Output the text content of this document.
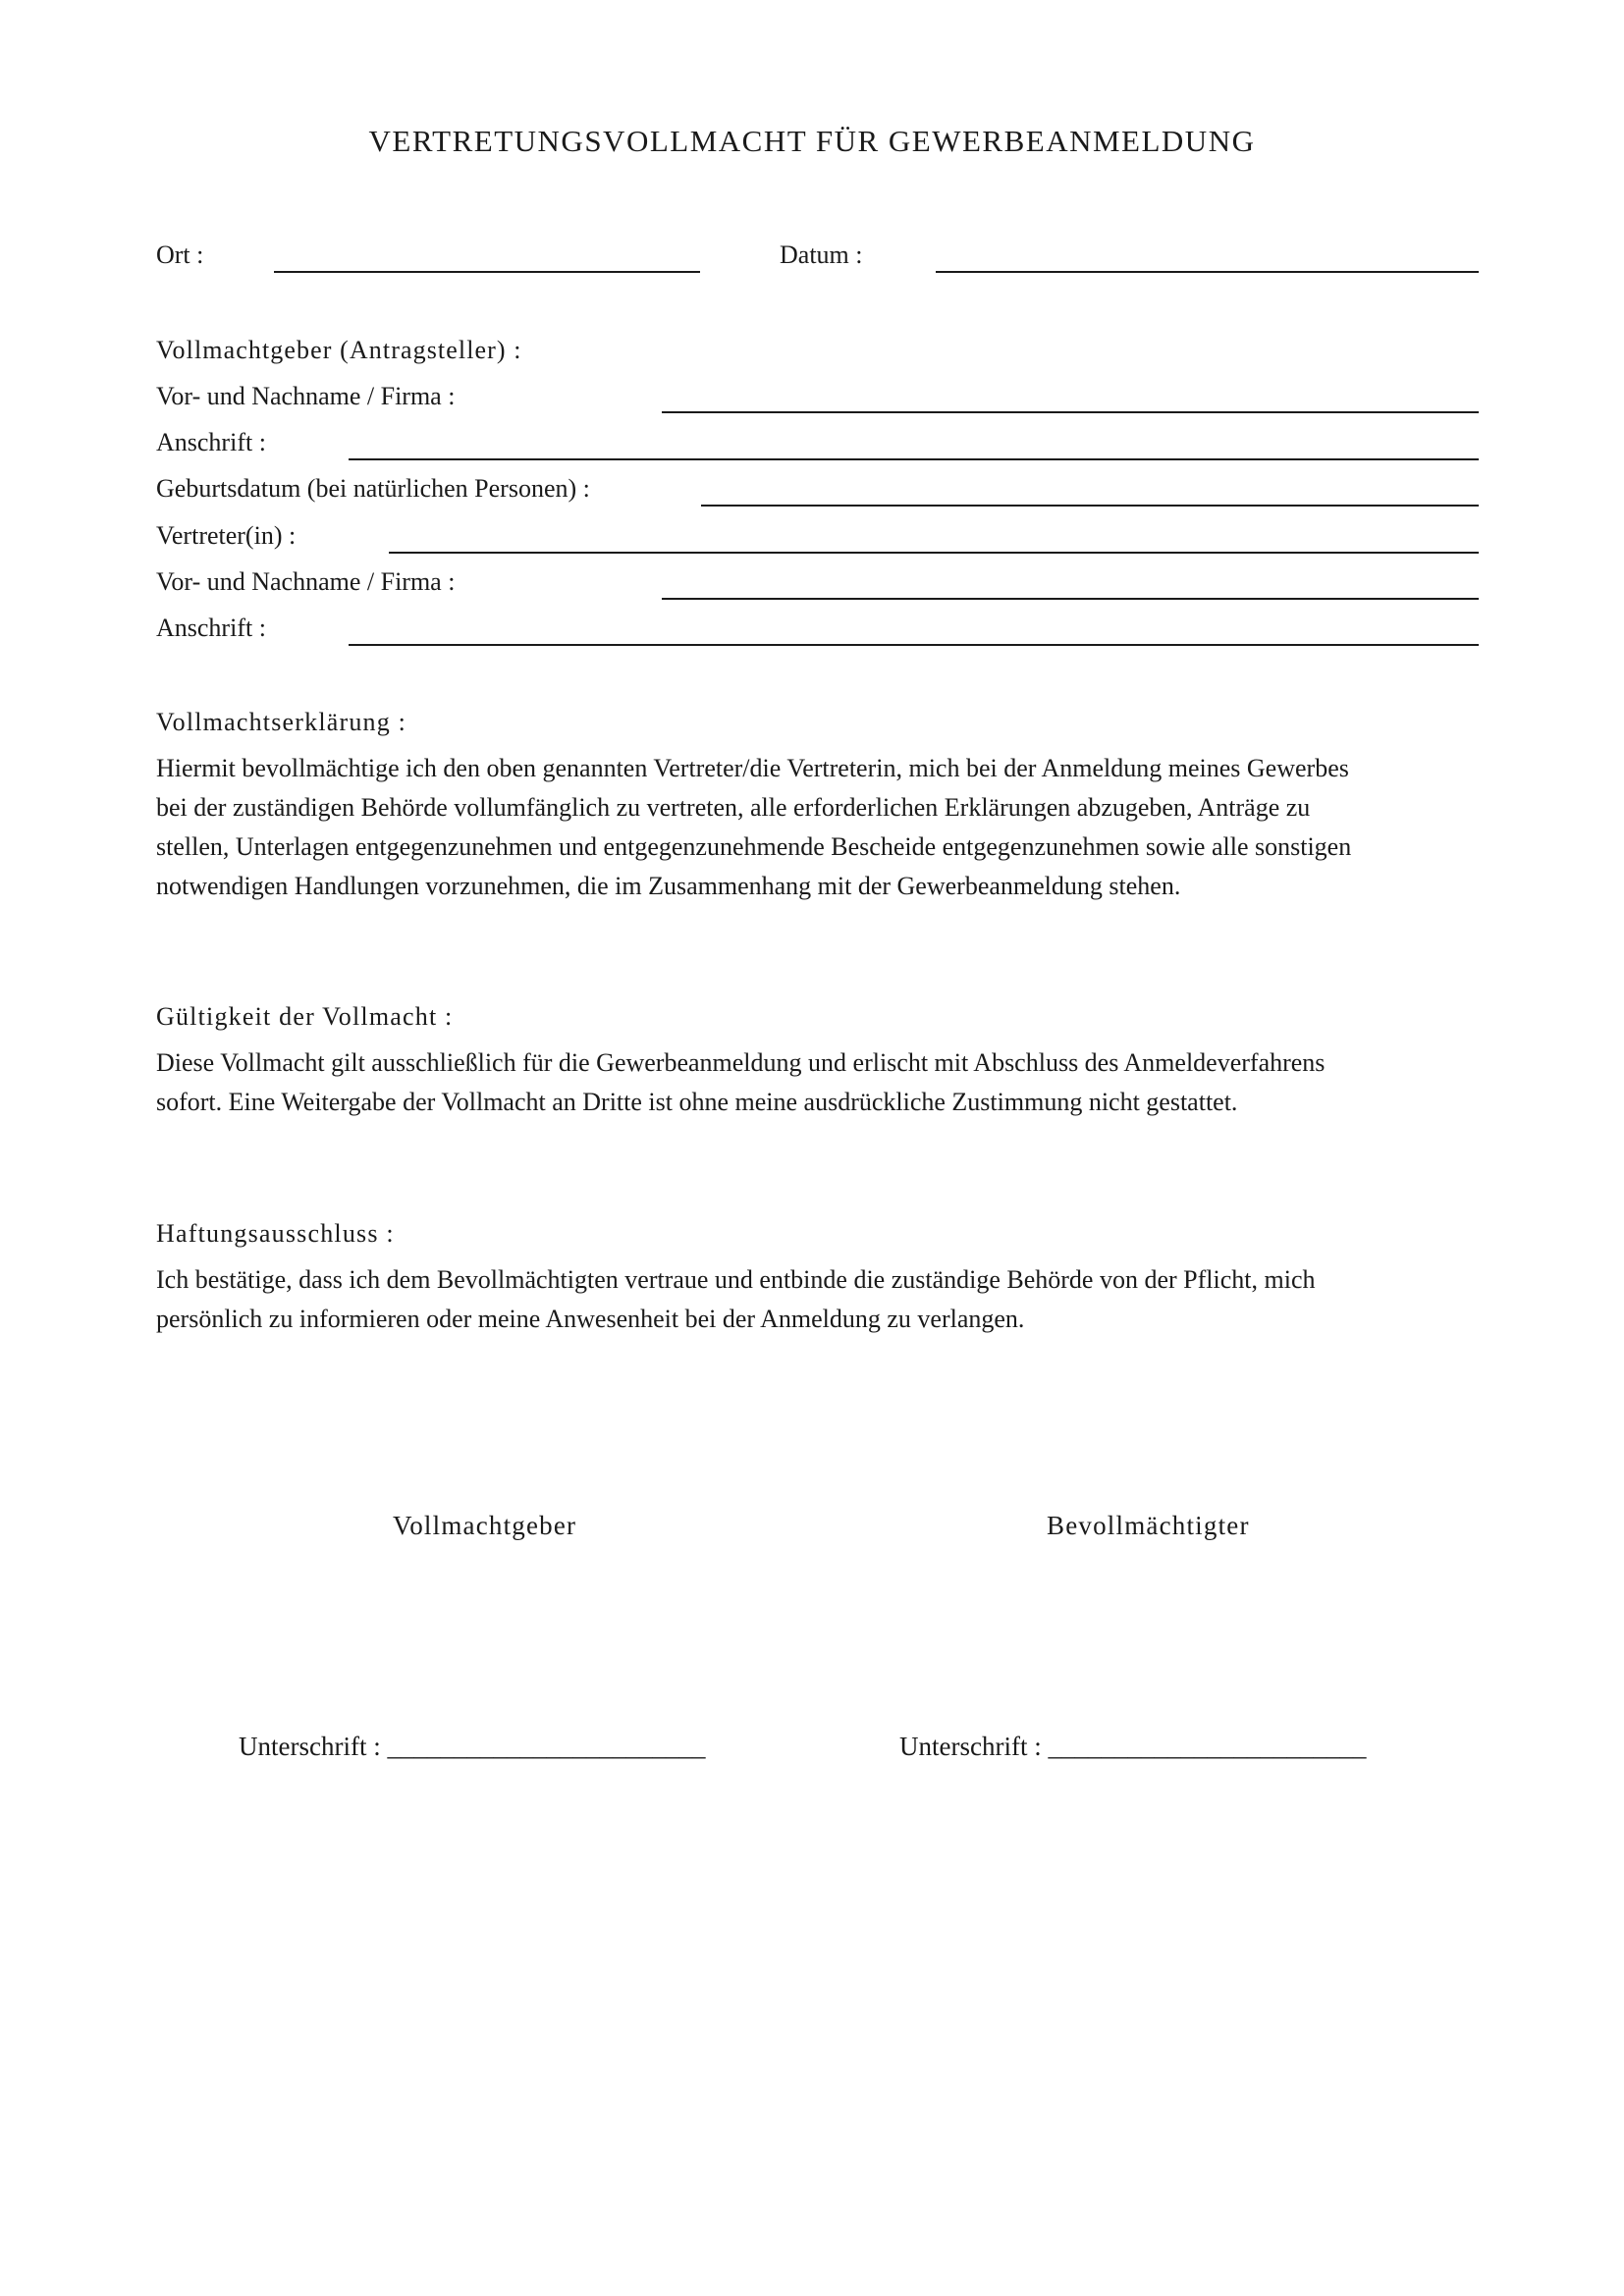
VERTRETUNGSVOLLMACHT FÜR GEWERBEANMELDUNG
Ort :	Datum :
Vollmachtgeber (Antragsteller) :
Vor- und Nachname / Firma :
Anschrift :
Geburtsdatum (bei natürlichen Personen) :
Vertreter(in) :
Vor- und Nachname / Firma :
Anschrift :
Vollmachtserklärung :
Hiermit bevollmächtige ich den oben genannten Vertreter/die Vertreterin, mich bei der Anmeldung meines Gewerbes
bei der zuständigen Behörde vollumfänglich zu vertreten, alle erforderlichen Erklärungen abzugeben, Anträge zu
stellen, Unterlagen entgegenzunehmen und entgegenzunehmende Bescheide entgegenzunehmen sowie alle sonstigen
notwendigen Handlungen vorzunehmen, die im Zusammenhang mit der Gewerbeanmeldung stehen.
Gültigkeit der Vollmacht :
Diese Vollmacht gilt ausschließlich für die Gewerbeanmeldung und erlischt mit Abschluss des Anmeldeverfahrens
sofort. Eine Weitergabe der Vollmacht an Dritte ist ohne meine ausdrückliche Zustimmung nicht gestattet.
Haftungsausschluss :
Ich bestätige, dass ich dem Bevollmächtigten vertraue und entbinde die zuständige Behörde von der Pflicht, mich
persönlich zu informieren oder meine Anwesenheit bei der Anmeldung zu verlangen.
Vollmachtgeber	Bevollmächtigter
Unterschrift : ________________________	Unterschrift : ________________________
